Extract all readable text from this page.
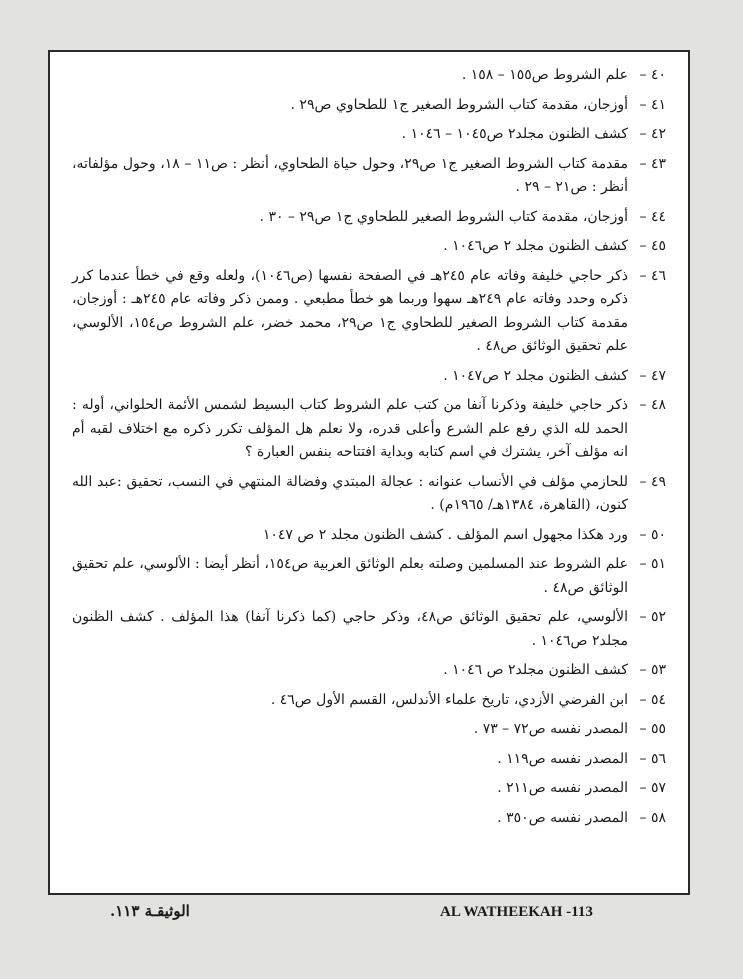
٤٠ –
علم الشروط ص١٥٥ – ١٥٨ .
٤١ –
أوزجان، مقدمة كتاب الشروط الصغير ج١ للطحاوي ص٢٩ .
٤٢ –
كشف الظنون مجلد٢ ص١٠٤٥ – ١٠٤٦ .
٤٣ –
مقدمة كتاب الشروط الصغير ج١ ص٢٩، وحول حياة الطحاوي، أنظر : ص١١ – ١٨، وحول مؤلفاته، أنظر : ص٢١ – ٢٩ .
٤٤ –
أوزجان، مقدمة كتاب الشروط الصغير للطحاوي ج١ ص٢٩ – ٣٠ .
٤٥ –
كشف الظنون مجلد ٢ ص١٠٤٦ .
٤٦ –
ذكر حاجي خليفة وفاته عام ٢٤٥هـ في الصفحة نفسها (ص١٠٤٦)، ولعله وقع في خطأ عندما كرر ذكره وحدد وفاته عام ٢٤٩هـ سهوا وربما هو خطأ مطبعي . وممن ذكر وفاته عام ٢٤٥هـ : أوزجان، مقدمة كتاب الشروط الصغير للطحاوي ج١ ص٢٩، محمد خضر، علم الشروط ص١٥٤، الألوسي، علم تحقيق الوثائق ص٤٨ .
٤٧ –
كشف الظنون مجلد ٢ ص١٠٤٧ .
٤٨ –
ذكر حاجي خليفة وذكرنا آنفا من كتب علم الشروط كتاب البسيط لشمس الأئمة الحلواني، أوله : الحمد لله الذي رفع علم الشرع وأعلى قدره، ولا نعلم هل المؤلف تكرر ذكره مع اختلاف لقبه أم انه مؤلف آخر، يشترك في اسم كتابه وبداية افتتاحه بنفس العبارة ؟
٤٩ –
للحازمي مؤلف في الأنساب عنوانه : عجالة المبتدي وفضالة المنتهي في النسب، تحقيق :عبد الله كنون، (القاهرة، ١٣٨٤هـ/ ١٩٦٥م) .
٥٠ –
ورد هكذا مجهول اسم المؤلف . كشف الظنون مجلد ٢ ص ١٠٤٧
٥١ –
علم الشروط عند المسلمين وصلته بعلم الوثائق العربية ص١٥٤، أنظر أيضا : الألوسي، علم تحقيق الوثائق ص٤٨ .
٥٢ –
الألوسي، علم تحقيق الوثائق ص٤٨، وذكر حاجي (كما ذكرنا آنفا) هذا المؤلف . كشف الظنون مجلد٢ ص١٠٤٦ .
٥٣ –
كشف الظنون مجلد٢ ص ١٠٤٦ .
٥٤ –
ابن الفرضي الأزدي، تاريخ علماء الأندلس، القسم الأول ص٤٦ .
٥٥ –
المصدر نفسه ص٧٢ – ٧٣ .
٥٦ –
المصدر نفسه ص١١٩ .
٥٧ –
المصدر نفسه ص٢١١ .
٥٨ –
المصدر نفسه ص٣٥٠ .
AL WATHEEKAH -113
الوثيقـة ١١٣.
